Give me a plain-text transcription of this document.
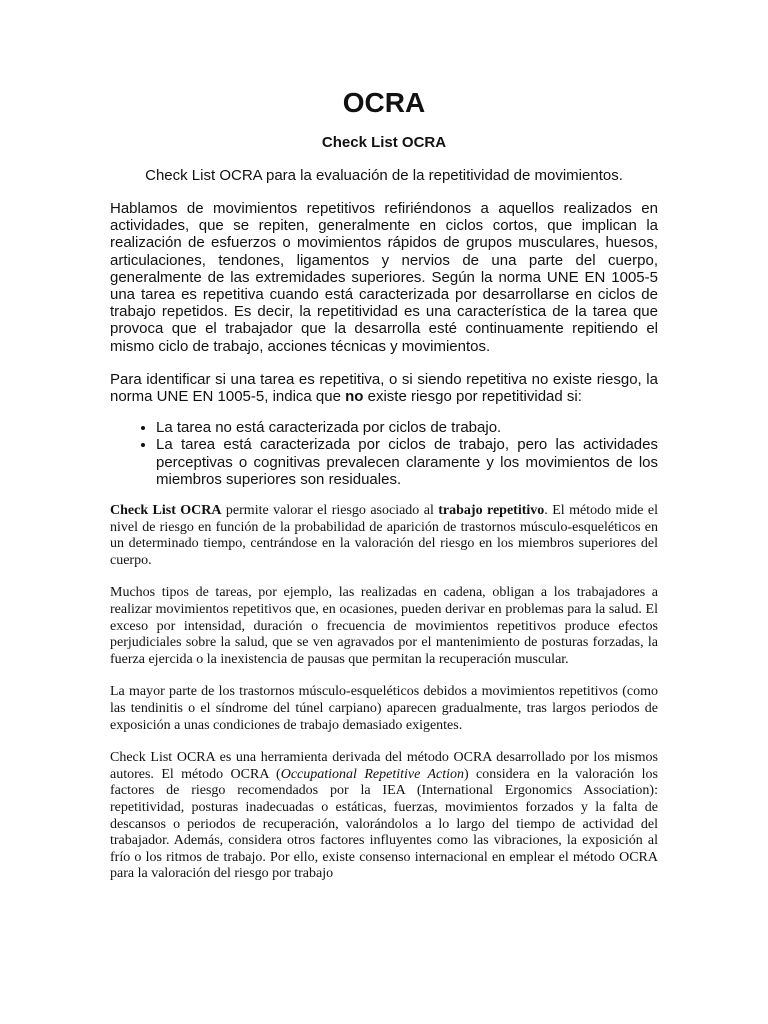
OCRA
Check List OCRA

Check List OCRA para la evaluación de la repetitividad de movimientos.

Hablamos de movimientos repetitivos refiriéndonos a aquellos realizados en actividades, que se repiten, generalmente en ciclos cortos, que implican la realización de esfuerzos o movimientos rápidos de grupos musculares, huesos, articulaciones, tendones, ligamentos y nervios de una parte del cuerpo, generalmente de las extremidades superiores. Según la norma UNE EN 1005-5 una tarea es repetitiva cuando está caracterizada por desarrollarse en ciclos de trabajo repetidos. Es decir, la repetitividad es una característica de la tarea que provoca que el trabajador que la desarrolla esté continuamente repitiendo el mismo ciclo de trabajo, acciones técnicas y movimientos.

Para identificar si una tarea es repetitiva, o si siendo repetitiva no existe riesgo, la norma UNE EN 1005-5, indica que no existe riesgo por repetitividad si:

• La tarea no está caracterizada por ciclos de trabajo.
• La tarea está caracterizada por ciclos de trabajo, pero las actividades perceptivas o cognitivas prevalecen claramente y los movimientos de los miembros superiores son residuales.

Check List OCRA permite valorar el riesgo asociado al trabajo repetitivo. El método mide el nivel de riesgo en función de la probabilidad de aparición de trastornos músculo-esqueléticos en un determinado tiempo, centrándose en la valoración del riesgo en los miembros superiores del cuerpo.

Muchos tipos de tareas, por ejemplo, las realizadas en cadena, obligan a los trabajadores a realizar movimientos repetitivos que, en ocasiones, pueden derivar en problemas para la salud. El exceso por intensidad, duración o frecuencia de movimientos repetitivos produce efectos perjudiciales sobre la salud, que se ven agravados por el mantenimiento de posturas forzadas, la fuerza ejercida o la inexistencia de pausas que permitan la recuperación muscular.

La mayor parte de los trastornos músculo-esqueléticos debidos a movimientos repetitivos (como las tendinitis o el síndrome del túnel carpiano) aparecen gradualmente, tras largos periodos de exposición a unas condiciones de trabajo demasiado exigentes.

Check List OCRA es una herramienta derivada del método OCRA desarrollado por los mismos autores. El método OCRA (Occupational Repetitive Action) considera en la valoración los factores de riesgo recomendados por la IEA (International Ergonomics Association): repetitividad, posturas inadecuadas o estáticas, fuerzas, movimientos forzados y la falta de descansos o periodos de recuperación, valorándolos a lo largo del tiempo de actividad del trabajador. Además, considera otros factores influyentes como las vibraciones, la exposición al frío o los ritmos de trabajo. Por ello, existe consenso internacional en emplear el método OCRA para la valoración del riesgo por trabajo
